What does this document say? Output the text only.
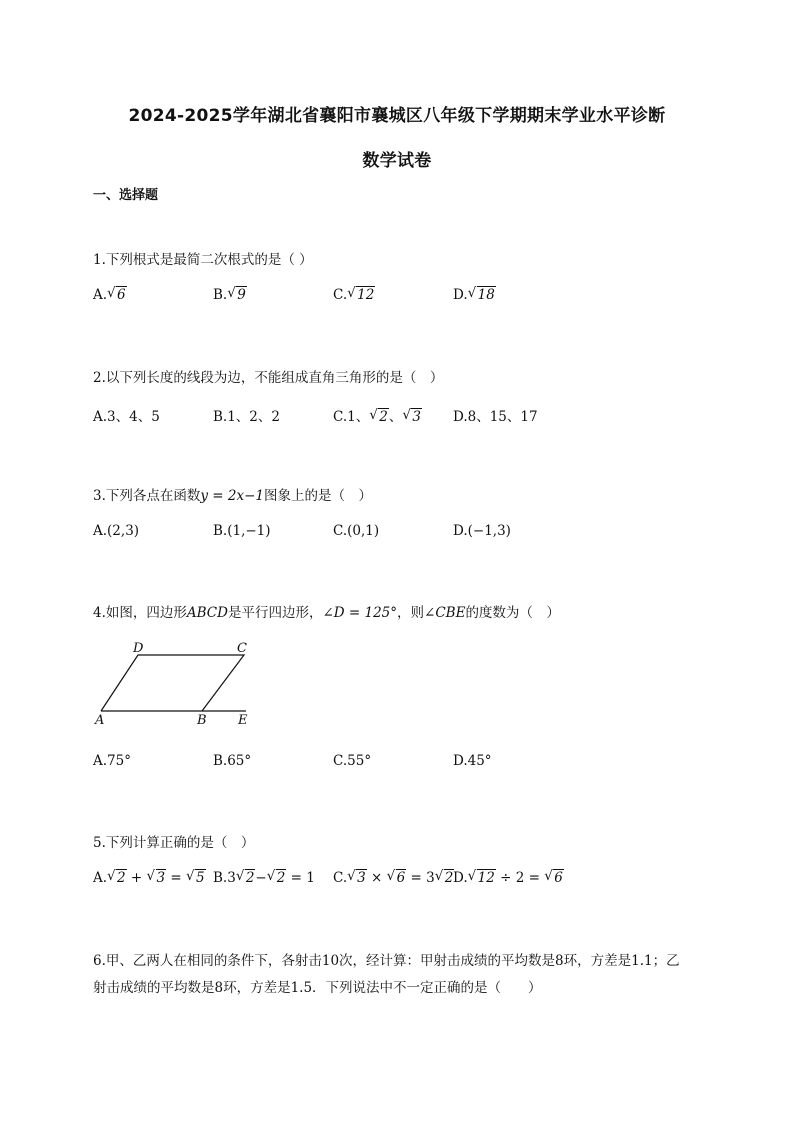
2024-2025学年湖北省襄阳市襄城区八年级下学期期末学业水平诊断
数学试卷
一、选择题
1.下列根式是最简二次根式的是（ ）
A. √ 6	B. √ 9	C. √ 12	D. √ 18
2.以下列长度的线段为边，不能组成直角三角形的是（　）
A.3、4、5	B.1、2、2	C.1、 √ 2、 √ 3 D.8、15、17
3.下列各点在函数y = 2x−1图象上的是（　）
A.(2,3)	B.(1,−1)	C.(0,1)	D.(−1,3)
4.如图，四边形ABCD是平行四边形，∠D = 125°，则∠CBE的度数为（　）
D	C
A	B E
A.75°	B.65°	C.55°	D.45°
5.下列计算正确的是（　）
A. √ 2 + √ 3 = √ 5 B.3 √ 2− √ 2 = 1 C. √ 3 × √ 6 = 3 √ 2 D. √ 12 ÷ 2 = √ 6
6.甲、乙两人在相同的条件下，各射击10次，经计算：甲射击成绩的平均数是8环，方差是1.1；乙
射击成绩的平均数是8环，方差是1.5．下列说法中不一定正确的是（　　）
